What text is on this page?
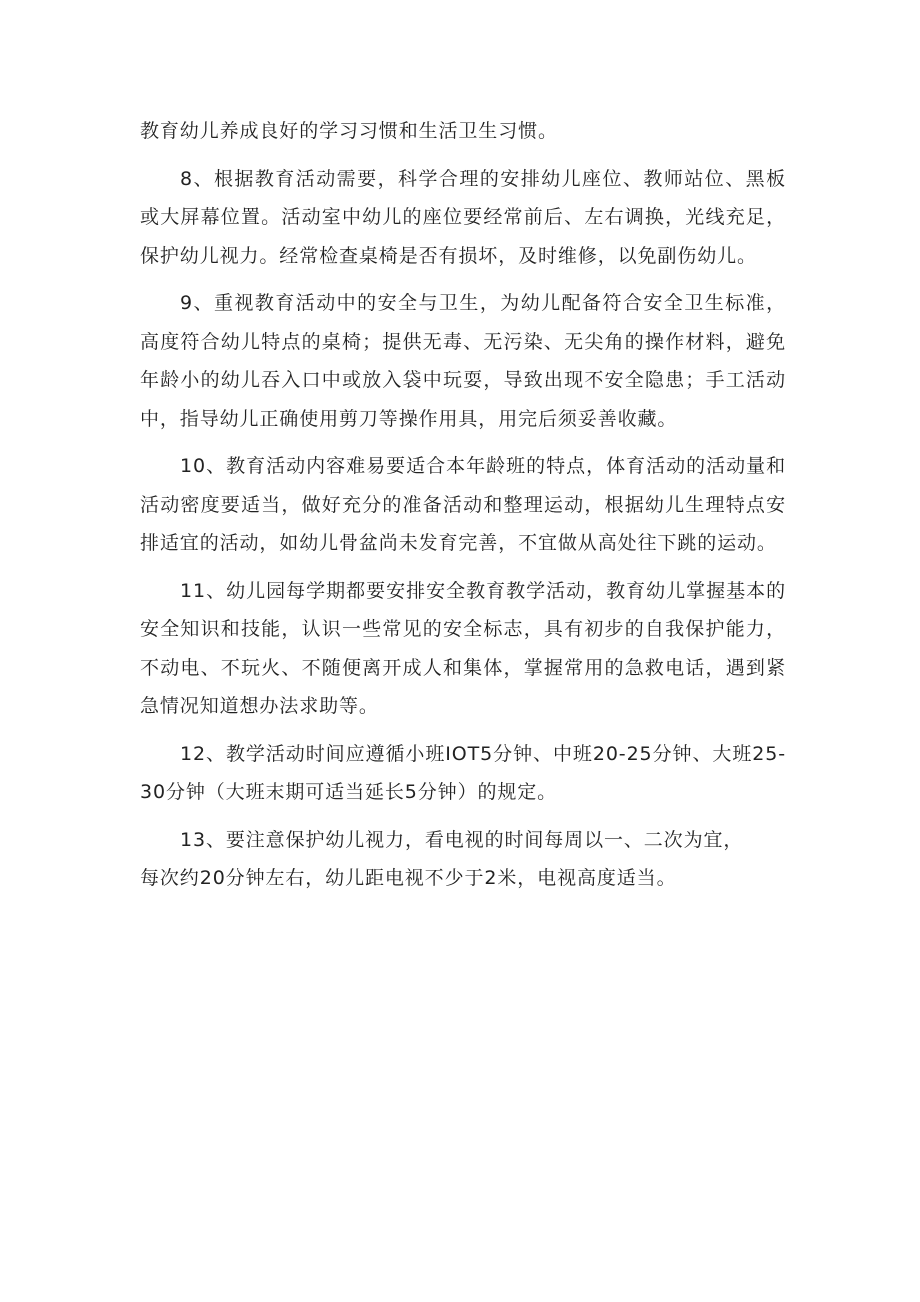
教育幼儿养成良好的学习习惯和生活卫生习惯。

8、根据教育活动需要，科学合理的安排幼儿座位、教师站位、黑板或大屏幕位置。活动室中幼儿的座位要经常前后、左右调换，光线充足，保护幼儿视力。经常检查桌椅是否有损坏，及时维修，以免副伤幼儿。

9、重视教育活动中的安全与卫生，为幼儿配备符合安全卫生标准，高度符合幼儿特点的桌椅；提供无毒、无污染、无尖角的操作材料，避免年龄小的幼儿吞入口中或放入袋中玩耍，导致出现不安全隐患；手工活动中，指导幼儿正确使用剪刀等操作用具，用完后须妥善收藏。

10、教育活动内容难易要适合本年龄班的特点，体育活动的活动量和活动密度要适当，做好充分的准备活动和整理运动，根据幼儿生理特点安排适宜的活动，如幼儿骨盆尚未发育完善，不宜做从高处往下跳的运动。

11、幼儿园每学期都要安排安全教育教学活动，教育幼儿掌握基本的安全知识和技能，认识一些常见的安全标志，具有初步的自我保护能力，不动电、不玩火、不随便离开成人和集体，掌握常用的急救电话，遇到紧急情况知道想办法求助等。

12、教学活动时间应遵循小班IOT5分钟、中班20-25分钟、大班25-30分钟（大班末期可适当延长5分钟）的规定。

13、要注意保护幼儿视力，看电视的时间每周以一、二次为宜，
每次约20分钟左右，幼儿距电视不少于2米，电视高度适当。
